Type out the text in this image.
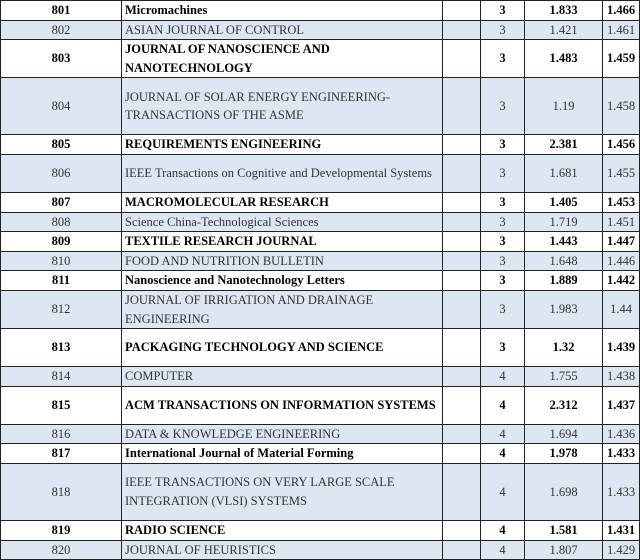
801	Micromachines		3	1.833	1.466
802	ASIAN JOURNAL OF CONTROL		3	1.421	1.461
803	JOURNAL OF NANOSCIENCE AND NANOTECHNOLOGY		3	1.483	1.459
804	JOURNAL OF SOLAR ENERGY ENGINEERING-TRANSACTIONS OF THE ASME		3	1.19	1.458
805	REQUIREMENTS ENGINEERING		3	2.381	1.456
806	IEEE Transactions on Cognitive and Developmental Systems		3	1.681	1.455
807	MACROMOLECULAR RESEARCH		3	1.405	1.453
808	Science China-Technological Sciences		3	1.719	1.451
809	TEXTILE RESEARCH JOURNAL		3	1.443	1.447
810	FOOD AND NUTRITION BULLETIN		3	1.648	1.446
811	Nanoscience and Nanotechnology Letters		3	1.889	1.442
812	JOURNAL OF IRRIGATION AND DRAINAGE ENGINEERING		3	1.983	1.44
813	PACKAGING TECHNOLOGY AND SCIENCE		3	1.32	1.439
814	COMPUTER		4	1.755	1.438
815	ACM TRANSACTIONS ON INFORMATION SYSTEMS		4	2.312	1.437
816	DATA & KNOWLEDGE ENGINEERING		4	1.694	1.436
817	International Journal of Material Forming		4	1.978	1.433
818	IEEE TRANSACTIONS ON VERY LARGE SCALE INTEGRATION (VLSI) SYSTEMS		4	1.698	1.433
819	RADIO SCIENCE		4	1.581	1.431
820	JOURNAL OF HEURISTICS		4	1.807	1.429
